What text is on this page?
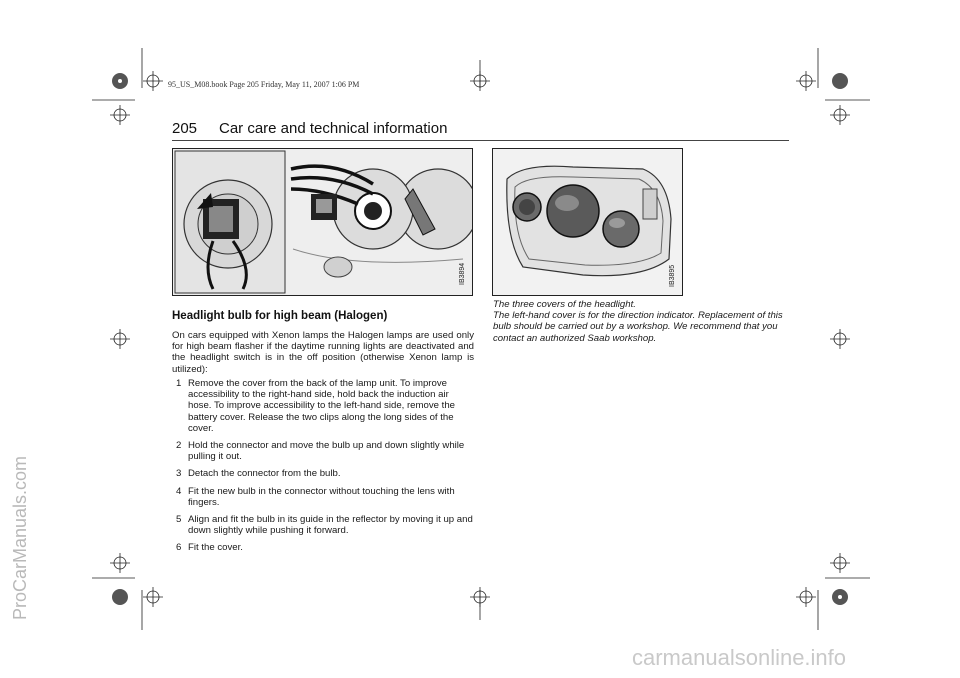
95_US_M08.book Page 205 Friday, May 11, 2007 1:06 PM
ProCarManuals.com
205 Car care and technical information
IB3894	IB3895
Headlight bulb for high beam (Halogen)
On cars equipped with Xenon lamps the Halogen lamps are used only for high beam flasher if the daytime running lights are deactivated and the headlight switch is in the off position (otherwise Xenon lamp is utilized):
1 Remove the cover from the back of the lamp unit. To improve accessibility to the right-hand side, hold back the induction air hose. To improve accessibility to the left-hand side, remove the battery cover. Release the two clips along the long sides of the cover.
2 Hold the connector and move the bulb up and down slightly while pulling it out.
3 Detach the connector from the bulb.
4 Fit the new bulb in the connector without touching the lens with fingers.
5 Align and fit the bulb in its guide in the reflector by moving it up and down slightly while pushing it forward.
6 Fit the cover.
The three covers of the headlight.
The left-hand cover is for the direction indicator. Replacement of this bulb should be carried out by a workshop. We recommend that you contact an authorized Saab workshop.
carmanualsonline.info
